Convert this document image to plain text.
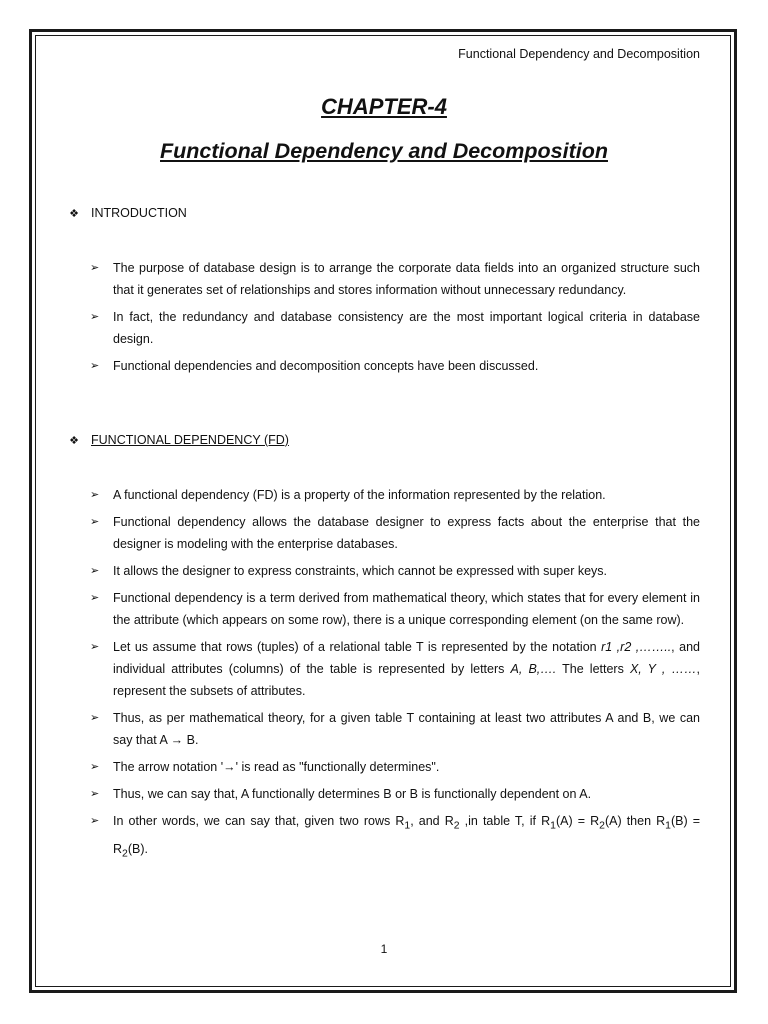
Functional Dependency and Decomposition
CHAPTER-4
Functional Dependency and Decomposition
❖ INTRODUCTION
➢	The purpose of database design is to arrange the corporate data fields into an organized structure such that it generates set of relationships and stores information without unnecessary redundancy.
➢	In fact, the redundancy and database consistency are the most important logical criteria in database design.
➢	Functional dependencies and decomposition concepts have been discussed.
❖ FUNCTIONAL DEPENDENCY (FD)
➢	A functional dependency (FD) is a property of the information represented by the relation.
➢	Functional dependency allows the database designer to express facts about the enterprise that the designer is modeling with the enterprise databases.
➢	It allows the designer to express constraints, which cannot be expressed with super keys.
➢	Functional dependency is a term derived from mathematical theory, which states that for every element in the attribute (which appears on some row), there is a unique corresponding element (on the same row).
➢	Let us assume that rows (tuples) of a relational table T is represented by the notation r1 ,r2 ,…….., and individual attributes (columns) of the table is represented by letters A, B,…. The letters X, Y , ……, represent the subsets of attributes.
➢	Thus, as per mathematical theory, for a given table T containing at least two attributes A and B, we can say that A → B.
➢	The arrow notation '→' is read as "functionally determines".
➢	Thus, we can say that, A functionally determines B or B is functionally dependent on A.
➢	In other words, we can say that, given two rows $R_1$, and $R_2$ ,in table T, if $R_1(A) = R_2(A)$ then $R_1(B) = R_2(B)$.
1
